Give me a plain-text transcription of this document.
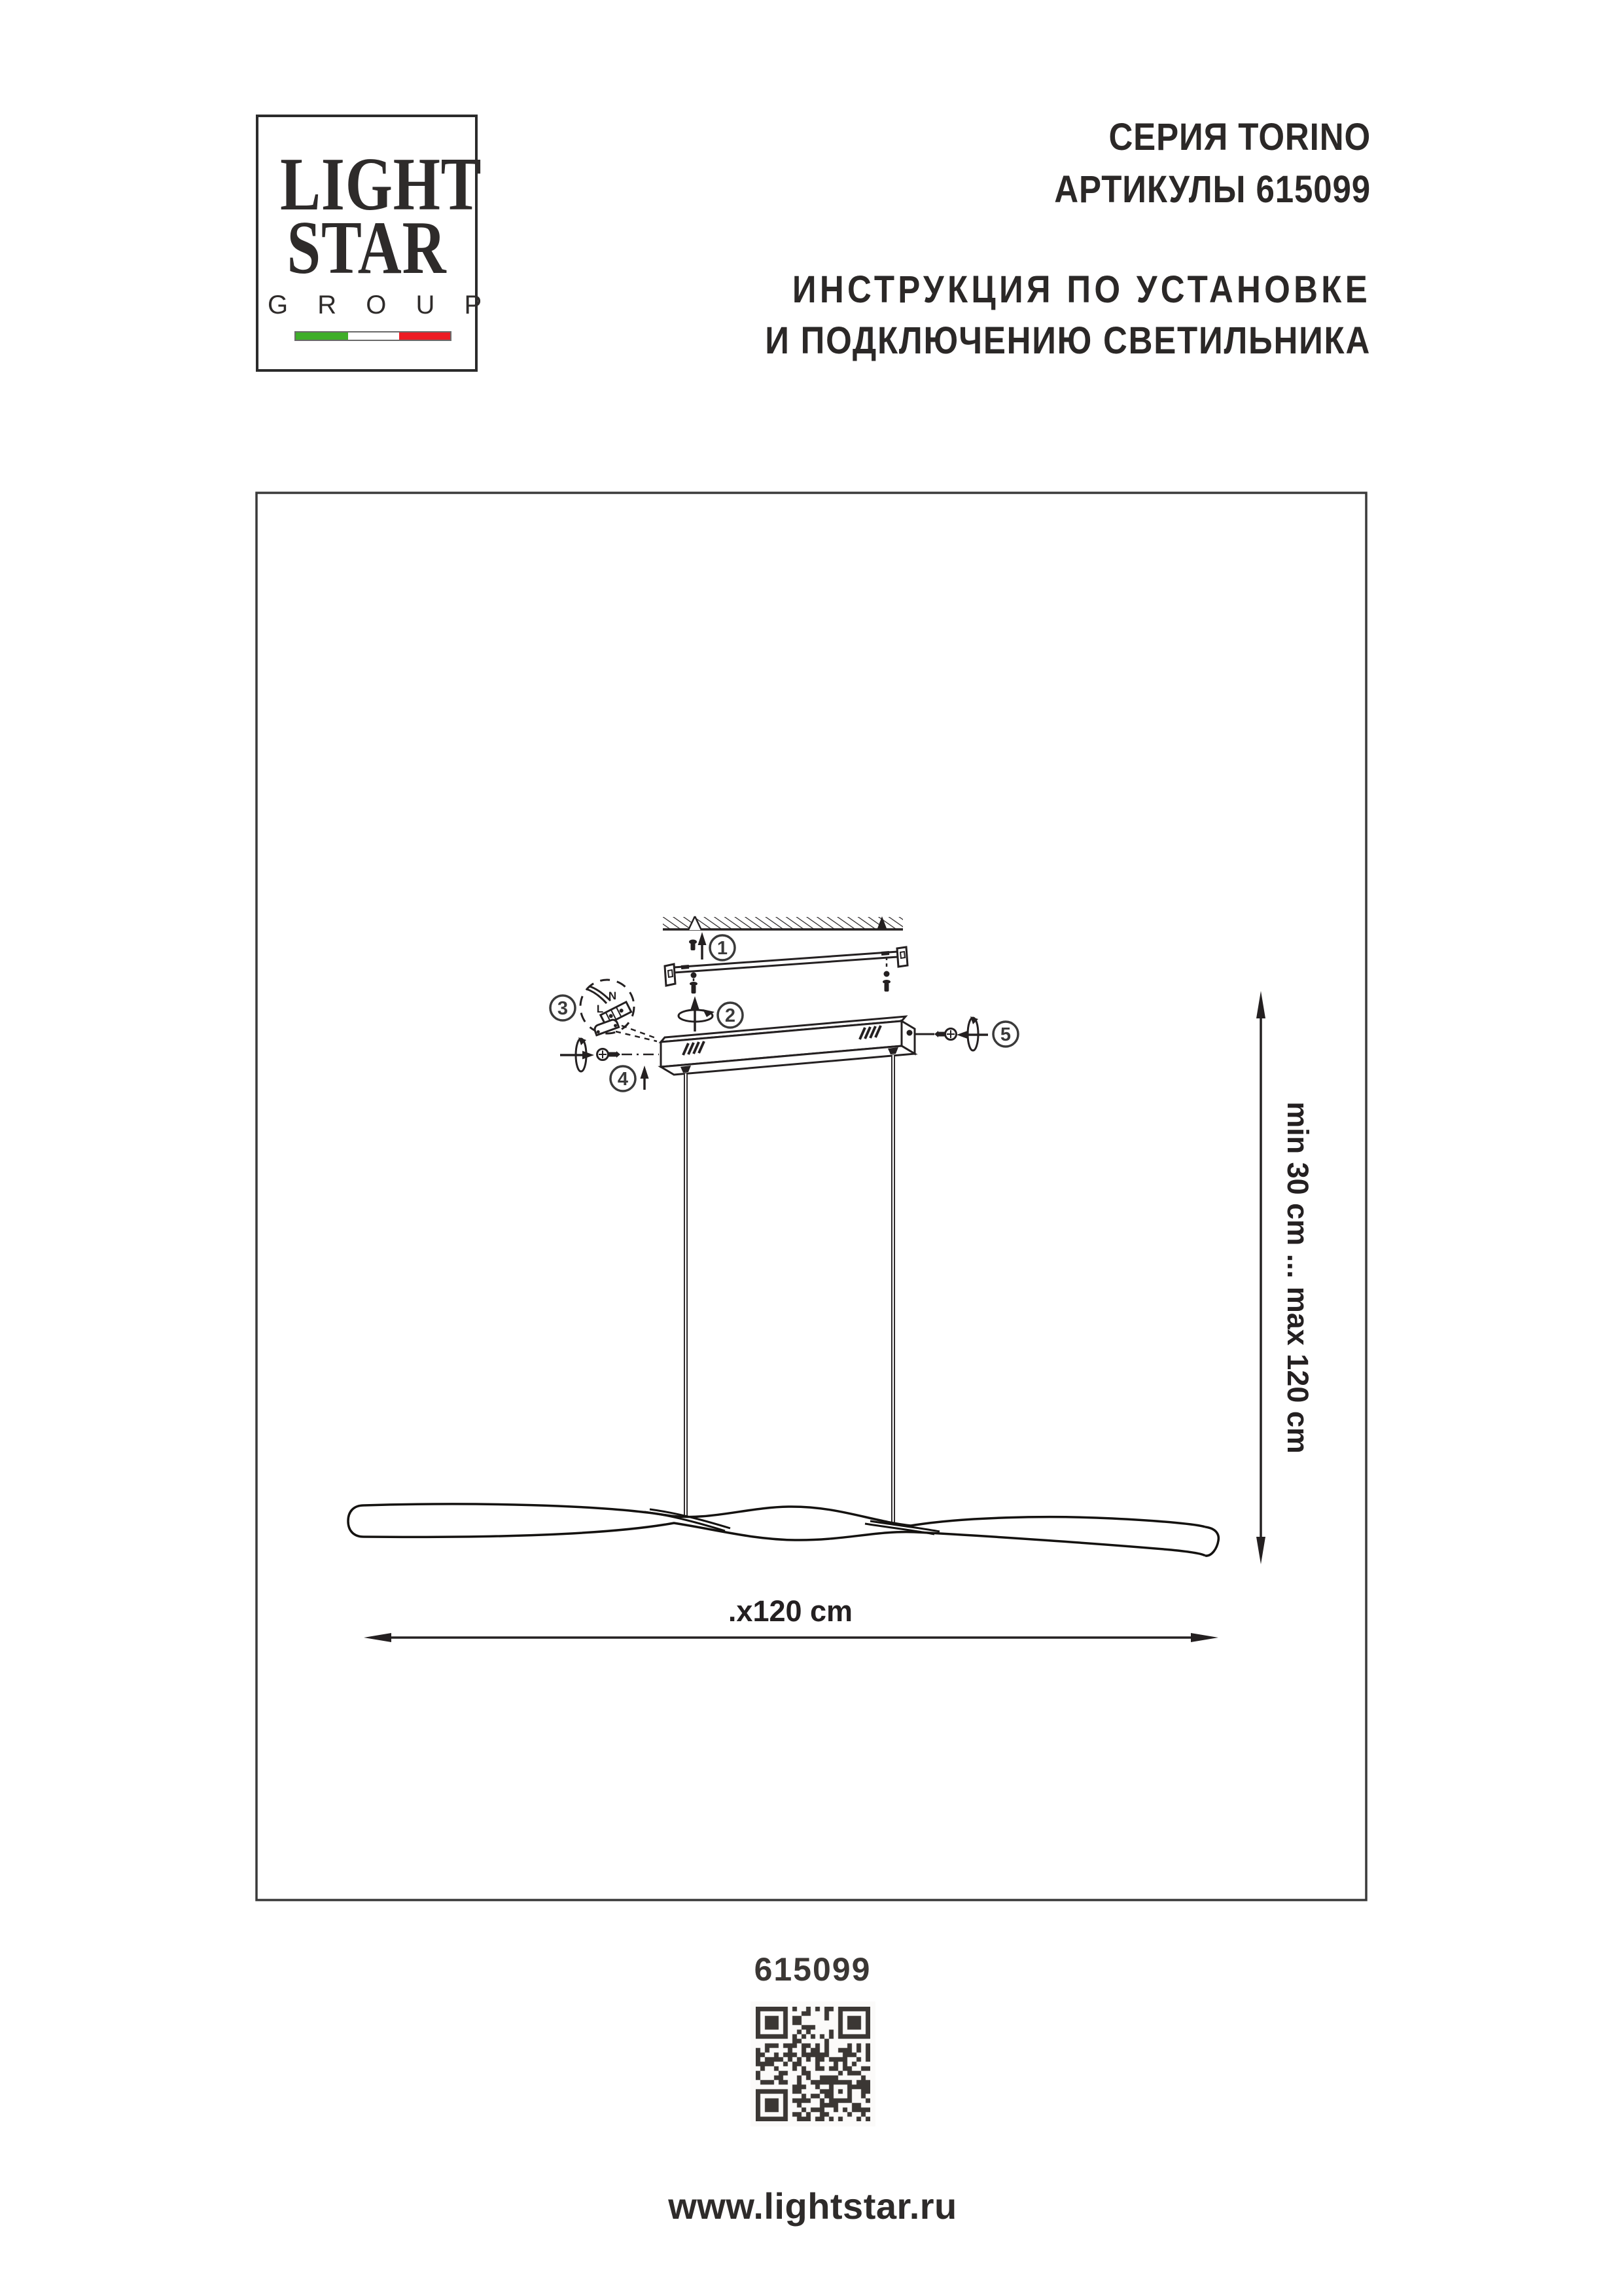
LIGHT
STAR
G R O U P
СЕРИЯ TORINO
АРТИКУЛЫ 615099
ИНСТРУКЦИЯ ПО УСТАНОВКЕ
И ПОДКЛЮЧЕНИЮ СВЕТИЛЬНИКА
1
2
N
L
3
4
5
min 30 cm ... max 120 cm
.x120 cm
615099
www.lightstar.ru
